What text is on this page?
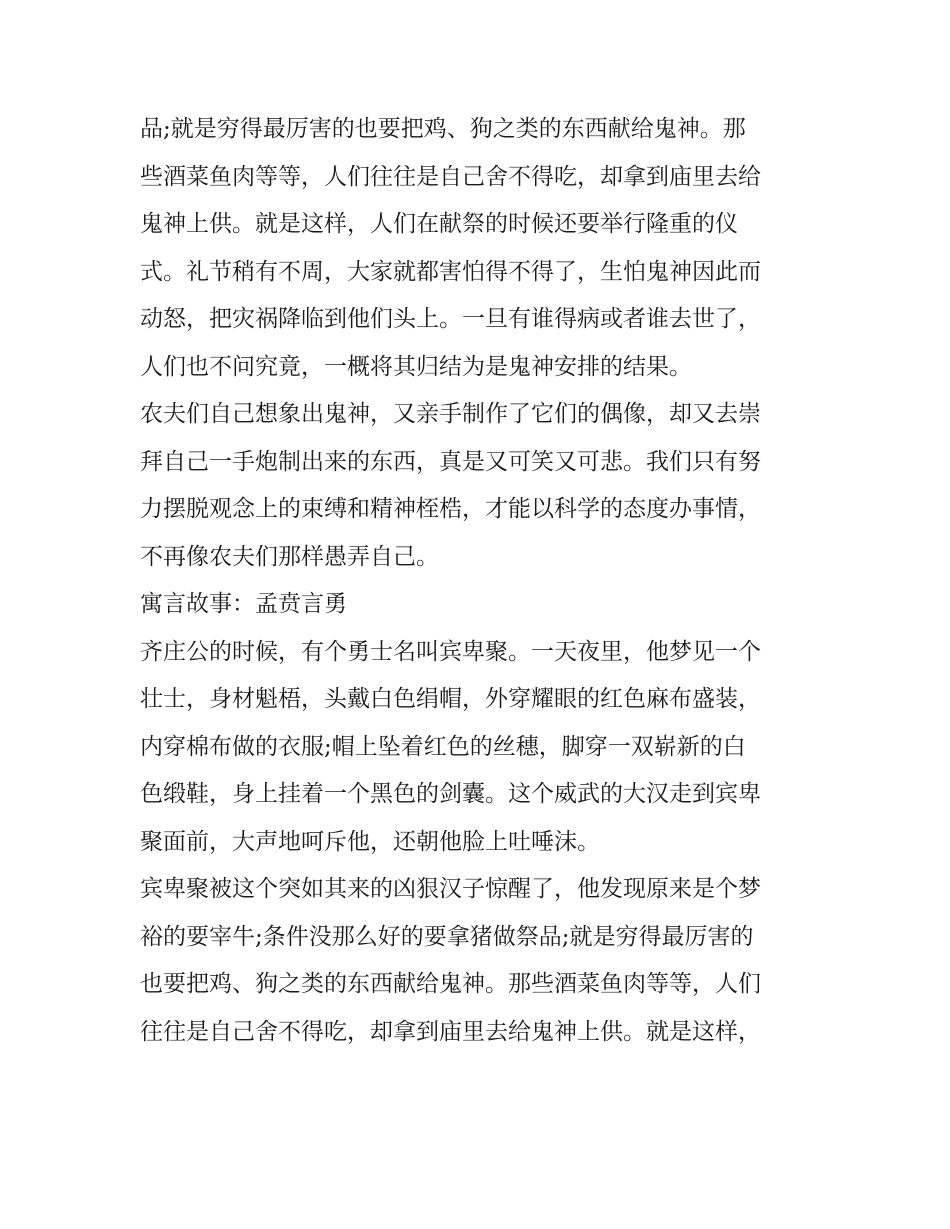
品;就是穷得最厉害的也要把鸡、狗之类的东西献给鬼神。那
些酒菜鱼肉等等，人们往往是自己舍不得吃，却拿到庙里去给
鬼神上供。就是这样，人们在献祭的时候还要举行隆重的仪
式。礼节稍有不周，大家就都害怕得不得了，生怕鬼神因此而
动怒，把灾祸降临到他们头上。一旦有谁得病或者谁去世了，
人们也不问究竟，一概将其归结为是鬼神安排的结果。
农夫们自己想象出鬼神，又亲手制作了它们的偶像，却又去崇
拜自己一手炮制出来的东西，真是又可笑又可悲。我们只有努
力摆脱观念上的束缚和精神桎梏，才能以科学的态度办事情，
不再像农夫们那样愚弄自己。
寓言故事：孟贲言勇
齐庄公的时候，有个勇士名叫宾卑聚。一天夜里，他梦见一个
壮士，身材魁梧，头戴白色绢帽，外穿耀眼的红色麻布盛装，
内穿棉布做的衣服;帽上坠着红色的丝穗，脚穿一双崭新的白
色缎鞋，身上挂着一个黑色的剑囊。这个威武的大汉走到宾卑
聚面前，大声地呵斥他，还朝他脸上吐唾沫。
宾卑聚被这个突如其来的凶狠汉子惊醒了，他发现原来是个梦
裕的要宰牛;条件没那么好的要拿猪做祭品;就是穷得最厉害的
也要把鸡、狗之类的东西献给鬼神。那些酒菜鱼肉等等，人们
往往是自己舍不得吃，却拿到庙里去给鬼神上供。就是这样，
